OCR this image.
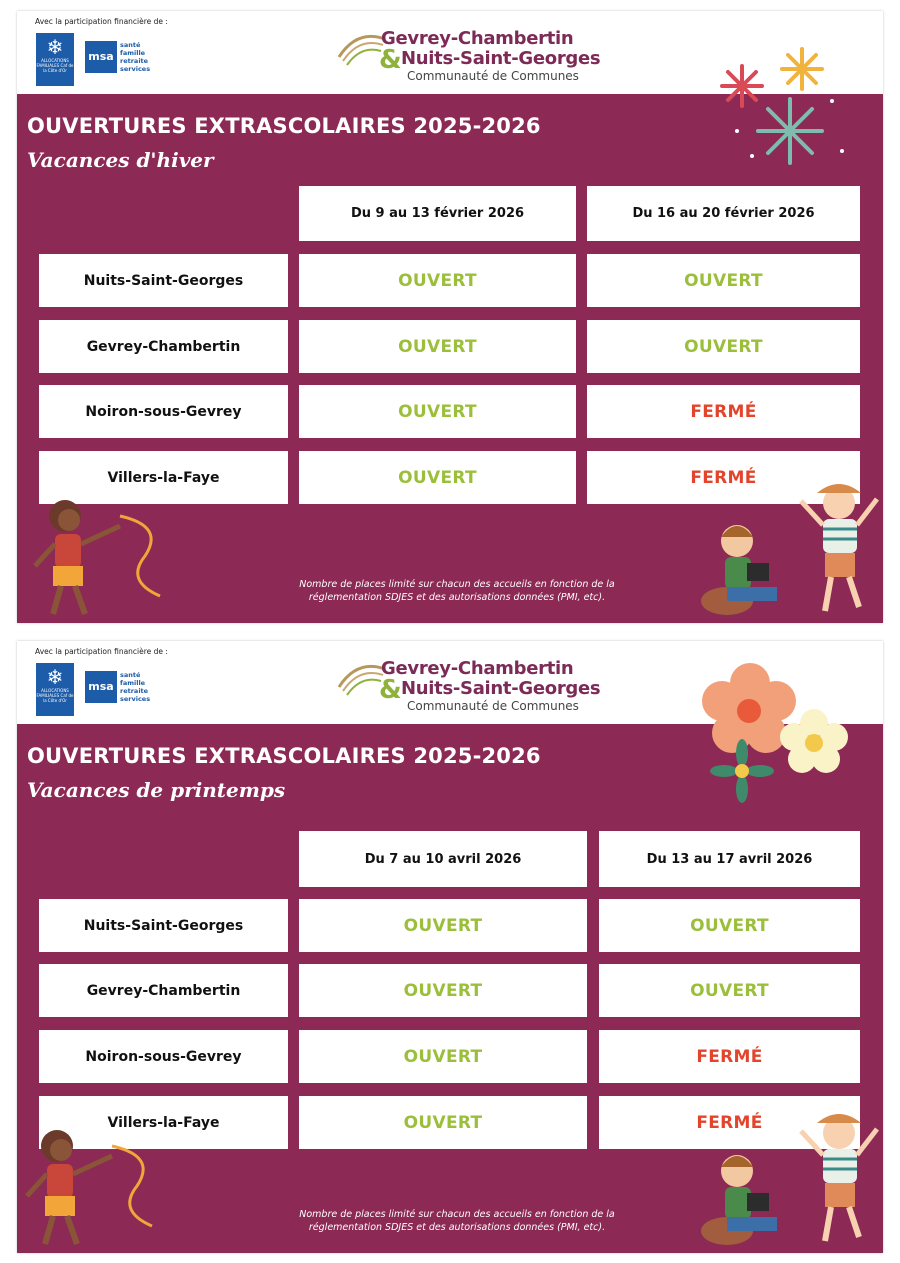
Avec la participation financière de :
❄
ALLOCATIONS FAMILIALES Caf de la Côte d'Or
msa
santé
famille
retraite
services
Gevrey-Chambertin
& Nuits-Saint-Georges
Communauté de Communes
OUVERTURES EXTRASCOLAIRES 2025-2026
Vacances d'hiver
Du 9 au 13 février 2026	Du 16 au 20 février 2026
Nuits-Saint-Georges	OUVERT	OUVERT
Gevrey-Chambertin	OUVERT	OUVERT
Noiron-sous-Gevrey	OUVERT	FERMÉ
Villers-la-Faye	OUVERT	FERMÉ
Nombre de places limité sur chacun des accueils en fonction de la réglementation SDJES et des autorisations données (PMI, etc).
Avec la participation financière de :
❄
ALLOCATIONS FAMILIALES Caf de la Côte d'Or
msa
santé
famille
retraite
services
Gevrey-Chambertin
& Nuits-Saint-Georges
Communauté de Communes
OUVERTURES EXTRASCOLAIRES 2025-2026
Vacances de printemps
Du 7 au 10 avril 2026	Du 13 au 17 avril 2026
Nuits-Saint-Georges	OUVERT	OUVERT
Gevrey-Chambertin	OUVERT	OUVERT
Noiron-sous-Gevrey	OUVERT	FERMÉ
Villers-la-Faye	OUVERT	FERMÉ
Nombre de places limité sur chacun des accueils en fonction de la réglementation SDJES et des autorisations données (PMI, etc).
